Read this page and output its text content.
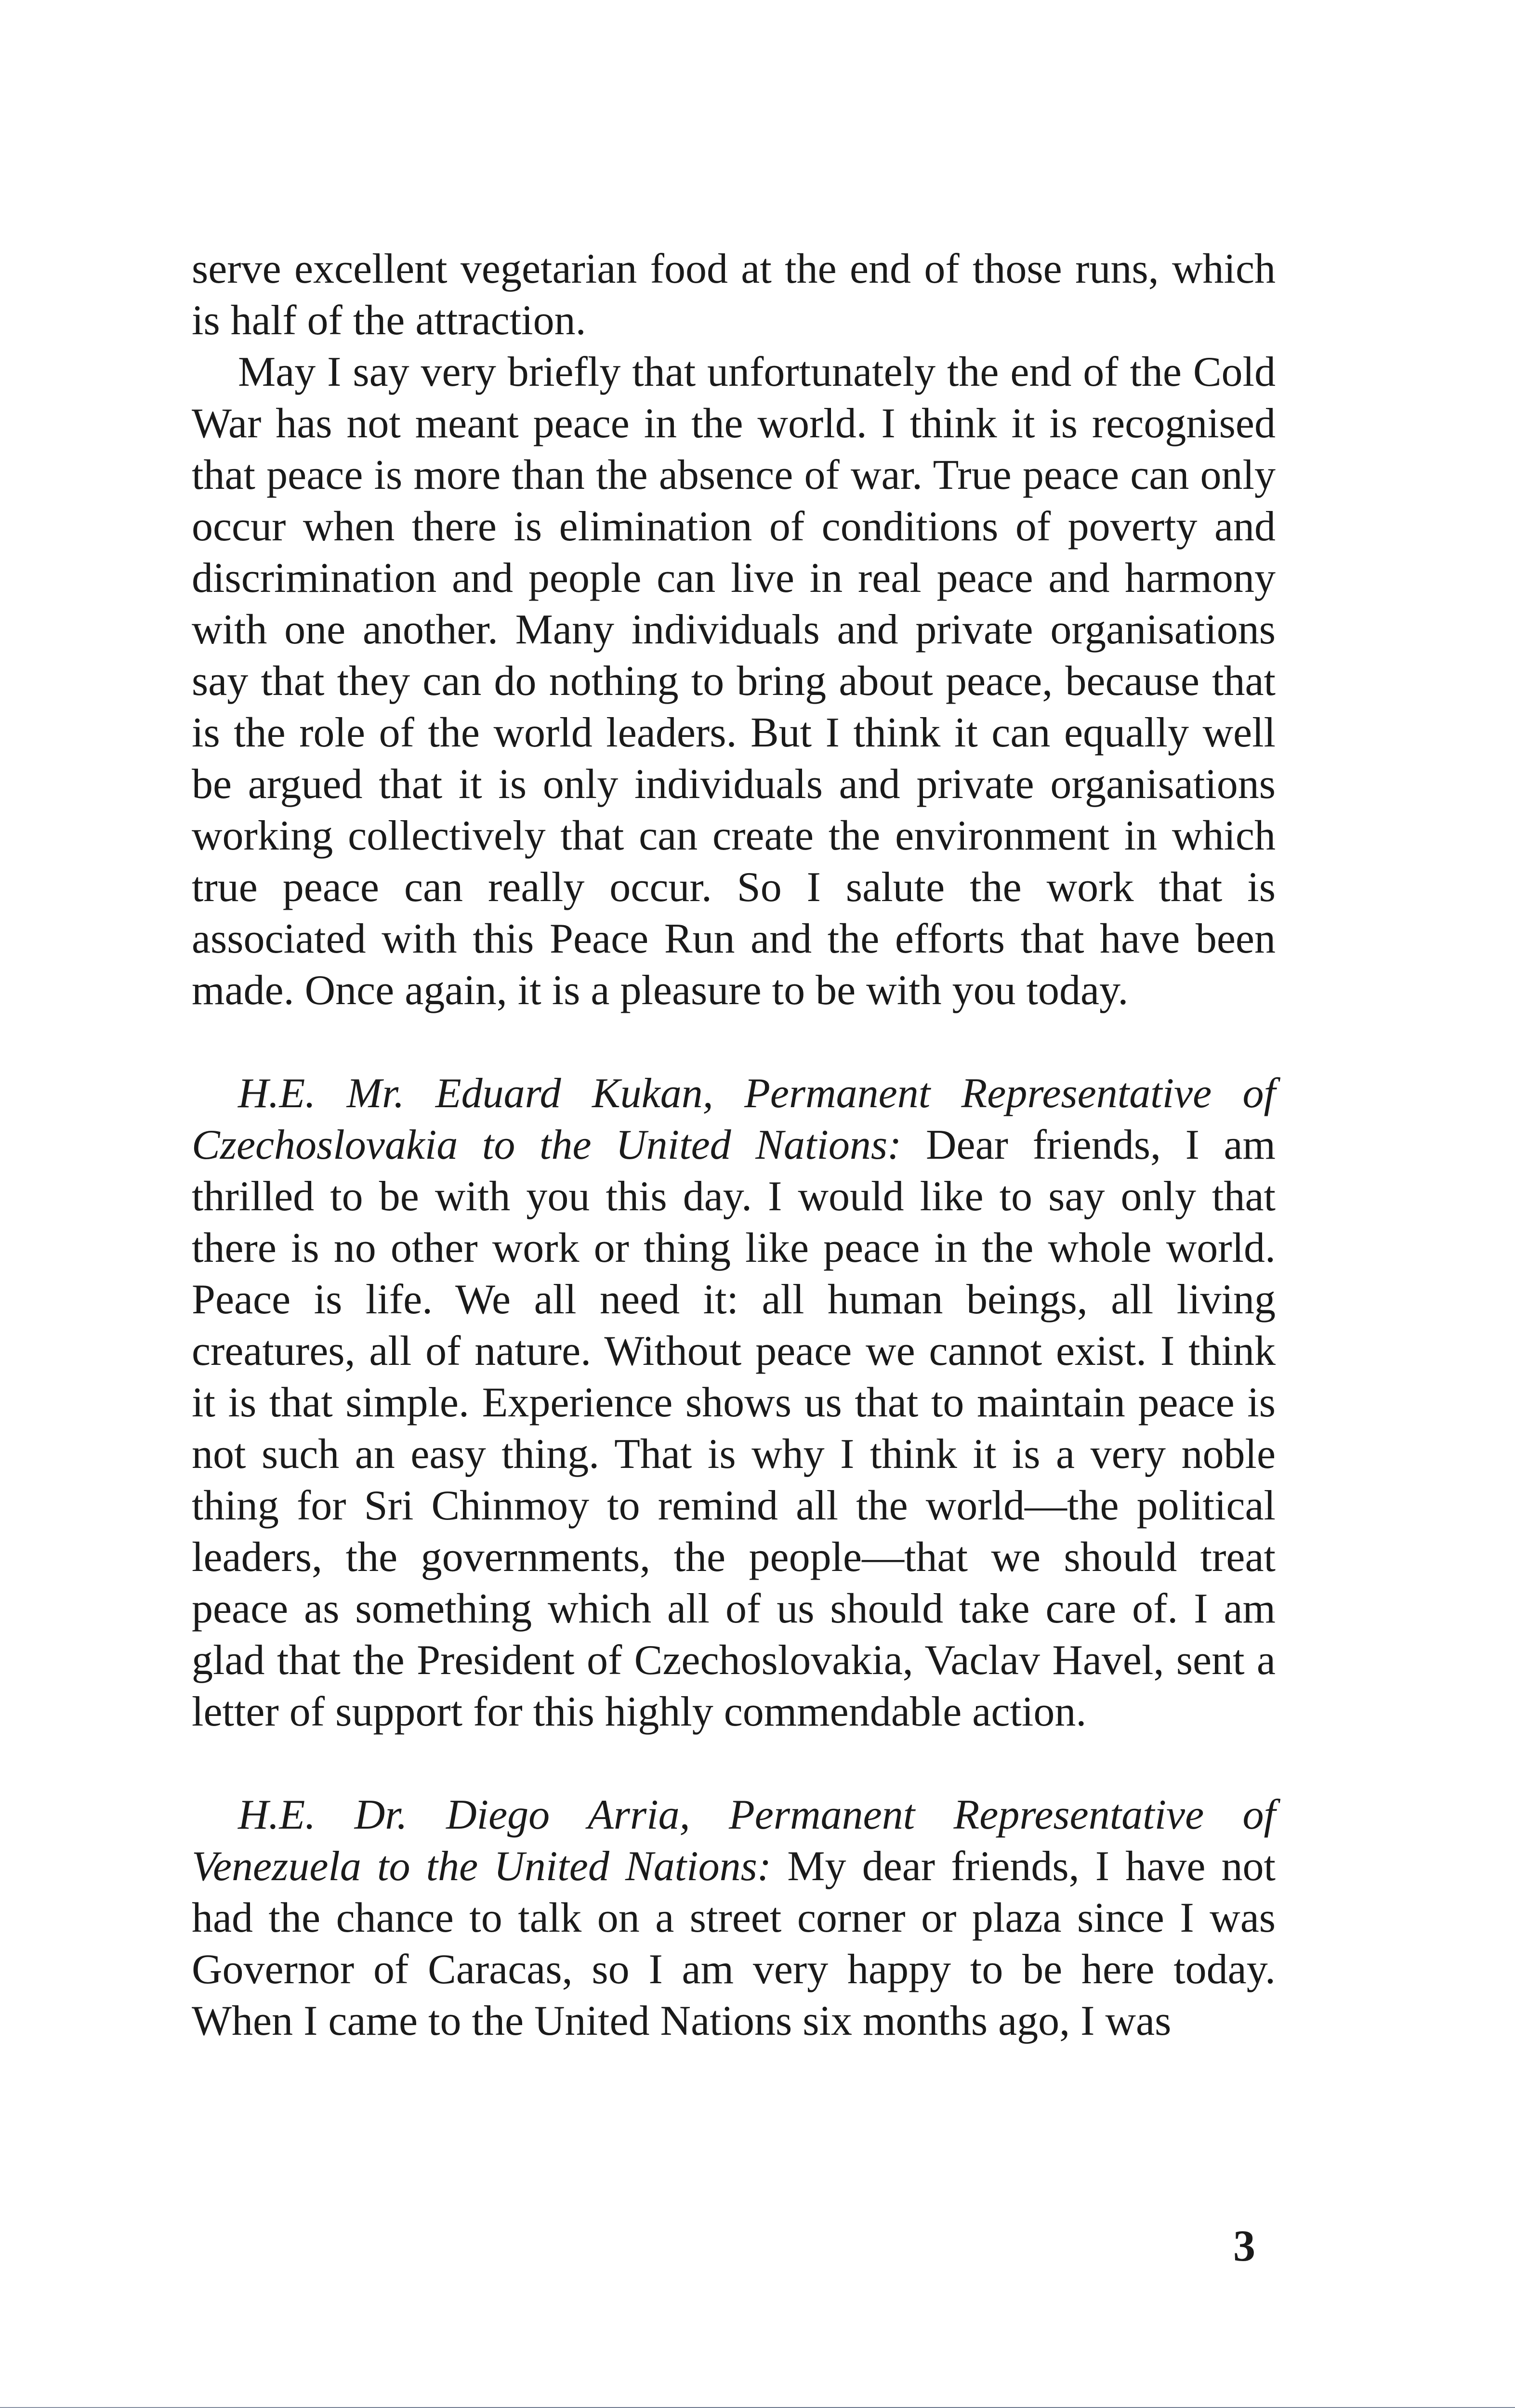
serve excellent vegetarian food at the end of those runs, which is half of the attraction.

May I say very briefly that unfortunately the end of the Cold War has not meant peace in the world. I think it is recognised that peace is more than the absence of war. True peace can only occur when there is elimination of conditions of poverty and discrimination and people can live in real peace and harmony with one another. Many individuals and private organisations say that they can do nothing to bring about peace, because that is the role of the world leaders. But I think it can equally well be argued that it is only individuals and private organisations working collectively that can create the environment in which true peace can really occur. So I salute the work that is associated with this Peace Run and the efforts that have been made. Once again, it is a pleasure to be with you today.

H.E. Mr. Eduard Kukan, Permanent Representative of Czechoslovakia to the United Nations: Dear friends, I am thrilled to be with you this day. I would like to say only that there is no other work or thing like peace in the whole world. Peace is life. We all need it: all human beings, all living creatures, all of nature. Without peace we cannot exist. I think it is that simple. Experience shows us that to maintain peace is not such an easy thing. That is why I think it is a very noble thing for Sri Chinmoy to remind all the world—the political leaders, the governments, the people—that we should treat peace as something which all of us should take care of. I am glad that the President of Czechoslovakia, Vaclav Havel, sent a letter of support for this highly commendable action.

H.E. Dr. Diego Arria, Permanent Representative of Venezuela to the United Nations: My dear friends, I have not had the chance to talk on a street corner or plaza since I was Governor of Caracas, so I am very happy to be here today. When I came to the United Nations six months ago, I was

3
